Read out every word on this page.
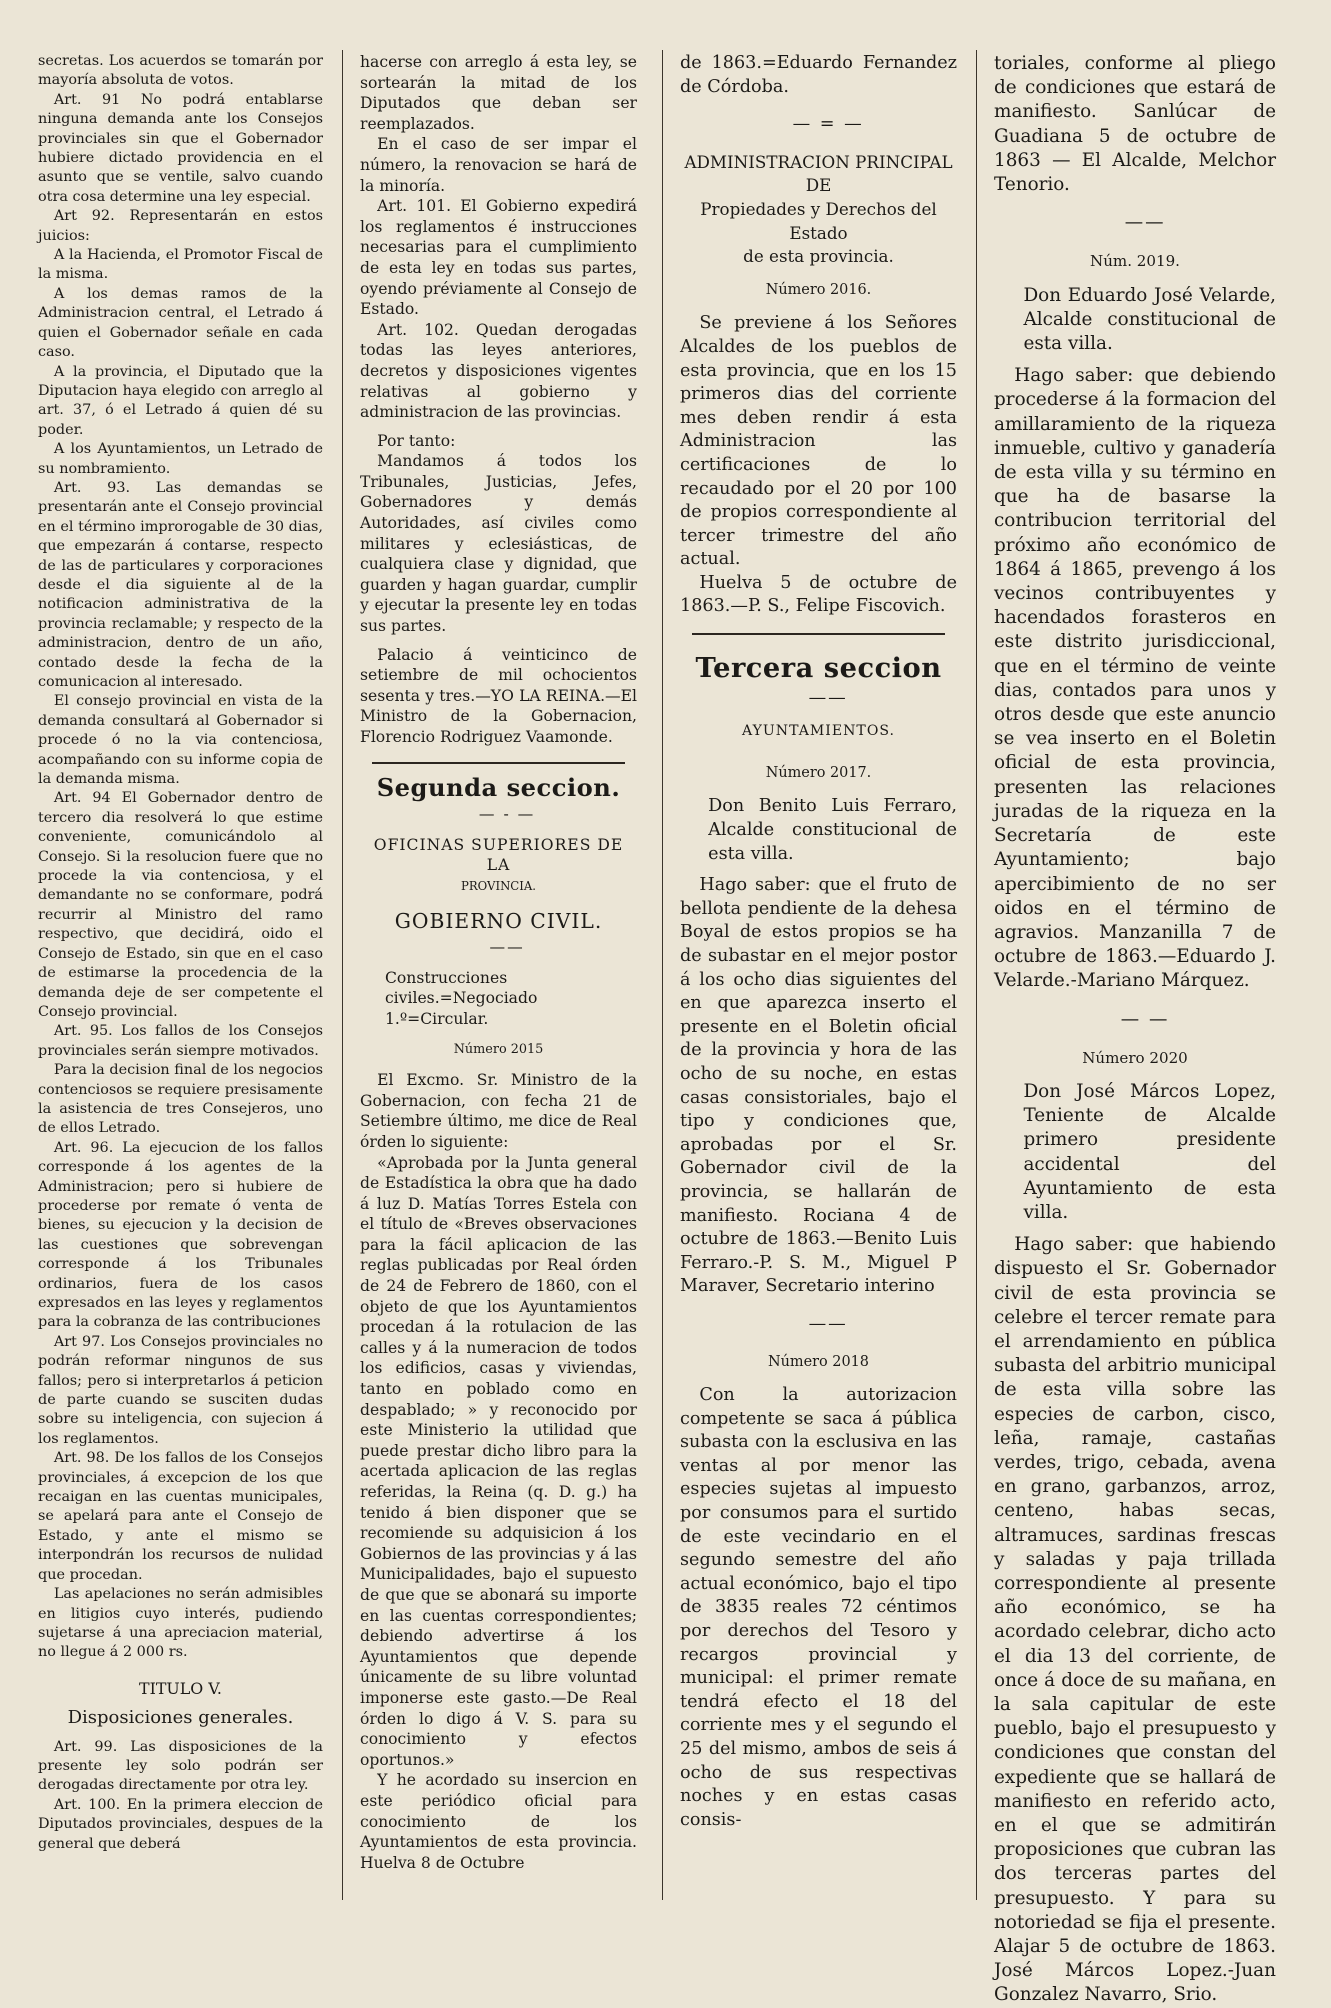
secretas. Los acuerdos se tomarán por mayoría absoluta de votos.

Art. 91 No podrá entablarse ninguna demanda ante los Consejos provinciales sin que el Gobernador hubiere dictado providencia en el asunto que se ventile, salvo cuando otra cosa determine una ley especial.

Art 92. Representarán en estos juicios:

A la Hacienda, el Promotor Fiscal de la misma.

A los demas ramos de la Administracion central, el Letrado á quien el Gobernador señale en cada caso.

A la provincia, el Diputado que la Diputacion haya elegido con arreglo al art. 37, ó el Letrado á quien dé su poder.

A los Ayuntamientos, un Letrado de su nombramiento.

Art. 93. Las demandas se presentarán ante el Consejo provincial en el término improrogable de 30 dias, que empezarán á contarse, respecto de las de particulares y corporaciones desde el dia siguiente al de la notificacion administrativa de la provincia reclamable; y respecto de la administracion, dentro de un año, contado desde la fecha de la comunicacion al interesado.

El consejo provincial en vista de la demanda consultará al Gobernador si procede ó no la via contenciosa, acompañando con su informe copia de la demanda misma.

Art. 94 El Gobernador dentro de tercero dia resolverá lo que estime conveniente, comunicándolo al Consejo. Si la resolucion fuere que no procede la via contenciosa, y el demandante no se conformare, podrá recurrir al Ministro del ramo respectivo, que decidirá, oido el Consejo de Estado, sin que en el caso de estimarse la procedencia de la demanda deje de ser competente el Consejo provincial.

Art. 95. Los fallos de los Consejos provinciales serán siempre motivados.

Para la decision final de los negocios contenciosos se requiere presisamente la asistencia de tres Consejeros, uno de ellos Letrado.

Art. 96. La ejecucion de los fallos corresponde á los agentes de la Administracion; pero si hubiere de procederse por remate ó venta de bienes, su ejecucion y la decision de las cuestiones que sobrevengan corresponde á los Tribunales ordinarios, fuera de los casos expresados en las leyes y reglamentos para la cobranza de las contribuciones

Art 97. Los Consejos provinciales no podrán reformar ningunos de sus fallos; pero si interpretarlos á peticion de parte cuando se susciten dudas sobre su inteligencia, con sujecion á los reglamentos.

Art. 98. De los fallos de los Consejos provinciales, á excepcion de los que recaigan en las cuentas municipales, se apelará para ante el Consejo de Estado, y ante el mismo se interpondrán los recursos de nulidad que procedan.

Las apelaciones no serán admisibles en litigios cuyo interés, pudiendo sujetarse á una apreciacion material, no llegue á 2 000 rs.

TITULO V.

Disposiciones generales.

Art. 99. Las disposiciones de la presente ley solo podrán ser derogadas directamente por otra ley.

Art. 100. En la primera eleccion de Diputados provinciales, despues de la general que deberá

hacerse con arreglo á esta ley, se sortearán la mitad de los Diputados que deban ser reemplazados.

En el caso de ser impar el número, la renovacion se hará de la minoría.

Art. 101. El Gobierno expedirá los reglamentos é instrucciones necesarias para el cumplimiento de esta ley en todas sus partes, oyendo préviamente al Consejo de Estado.

Art. 102. Quedan derogadas todas las leyes anteriores, decretos y disposiciones vigentes relativas al gobierno y administracion de las provincias.

Por tanto:

Mandamos á todos los Tribunales, Justicias, Jefes, Gobernadores y demás Autoridades, así civiles como militares y eclesiásticas, de cualquiera clase y dignidad, que guarden y hagan guardar, cumplir y ejecutar la presente ley en todas sus partes.

Palacio á veinticinco de setiembre de mil ochocientos sesenta y tres.—YO LA REINA.—El Ministro de la Gobernacion, Florencio Rodriguez Vaamonde.

Segunda seccion.

— - —

OFICINAS SUPERIORES DE LA

PROVINCIA.

GOBIERNO CIVIL.

——

Construcciones civiles.=Negociado 1.º=Circular.

Número 2015

El Excmo. Sr. Ministro de la Gobernacion, con fecha 21 de Setiembre último, me dice de Real órden lo siguiente:

«Aprobada por la Junta general de Estadística la obra que ha dado á luz D. Matías Torres Estela con el título de «Breves observaciones para la fácil aplicacion de las reglas publicadas por Real órden de 24 de Febrero de 1860, con el objeto de que los Ayuntamientos procedan á la rotulacion de las calles y á la numeracion de todos los edificios, casas y viviendas, tanto en poblado como en despablado; » y reconocido por este Ministerio la utilidad que puede prestar dicho libro para la acertada aplicacion de las reglas referidas, la Reina (q. D. g.) ha tenido á bien disponer que se recomiende su adquisicion á los Gobiernos de las provincias y á las Municipalidades, bajo el supuesto de que que se abonará su importe en las cuentas correspondientes; debiendo advertirse á los Ayuntamientos que depende únicamente de su libre voluntad imponerse este gasto.—De Real órden lo digo á V. S. para su conocimiento y efectos oportunos.»

Y he acordado su insercion en este periódico oficial para conocimiento de los Ayuntamientos de esta provincia. Huelva 8 de Octubre

de 1863.=Eduardo Fernandez de Córdoba.

— = —

ADMINISTRACION PRINCIPAL DE

Propiedades y Derechos del Estado

de esta provincia.

Número 2016.

Se previene á los Señores Alcaldes de los pueblos de esta provincia, que en los 15 primeros dias del corriente mes deben rendir á esta Administracion las certificaciones de lo recaudado por el 20 por 100 de propios correspondiente al tercer trimestre del año actual.

Huelva 5 de octubre de 1863.—P. S., Felipe Fiscovich.

Tercera seccion

——

AYUNTAMIENTOS.

Número 2017.

Don Benito Luis Ferraro, Alcalde constitucional de esta villa.

Hago saber: que el fruto de bellota pendiente de la dehesa Boyal de estos propios se ha de subastar en el mejor postor á los ocho dias siguientes del en que aparezca inserto el presente en el Boletin oficial de la provincia y hora de las ocho de su noche, en estas casas consistoriales, bajo el tipo y condiciones que, aprobadas por el Sr. Gobernador civil de la provincia, se hallarán de manifiesto. Rociana 4 de octubre de 1863.—Benito Luis Ferraro.-P. S. M., Miguel P Maraver, Secretario interino

——

Número 2018

Con la autorizacion competente se saca á pública subasta con la esclusiva en las ventas al por menor las especies sujetas al impuesto por consumos para el surtido de este vecindario en el segundo semestre del año actual económico, bajo el tipo de 3835 reales 72 céntimos por derechos del Tesoro y recargos provincial y municipal: el primer remate tendrá efecto el 18 del corriente mes y el segundo el 25 del mismo, ambos de seis á ocho de sus respectivas noches y en estas casas consis-

toriales, conforme al pliego de condiciones que estará de manifiesto. Sanlúcar de Guadiana 5 de octubre de 1863 — El Alcalde, Melchor Tenorio.

——

Núm. 2019.

Don Eduardo José Velarde, Alcalde constitucional de esta villa.

Hago saber: que debiendo procederse á la formacion del amillaramiento de la riqueza inmueble, cultivo y ganadería de esta villa y su término en que ha de basarse la contribucion territorial del próximo año económico de 1864 á 1865, prevengo á los vecinos contribuyentes y hacendados forasteros en este distrito jurisdiccional, que en el término de veinte dias, contados para unos y otros desde que este anuncio se vea inserto en el Boletin oficial de esta provincia, presenten las relaciones juradas de la riqueza en la Secretaría de este Ayuntamiento; bajo apercibimiento de no ser oidos en el término de agravios. Manzanilla 7 de octubre de 1863.—Eduardo J. Velarde.-Mariano Márquez.

— —

Número 2020

Don José Márcos Lopez, Teniente de Alcalde primero presidente accidental del Ayuntamiento de esta villa.

Hago saber: que habiendo dispuesto el Sr. Gobernador civil de esta provincia se celebre el tercer remate para el arrendamiento en pública subasta del arbitrio municipal de esta villa sobre las especies de carbon, cisco, leña, ramaje, castañas verdes, trigo, cebada, avena en grano, garbanzos, arroz, centeno, habas secas, altramuces, sardinas frescas y saladas y paja trillada correspondiente al presente año económico, se ha acordado celebrar, dicho acto el dia 13 del corriente, de once á doce de su mañana, en la sala capitular de este pueblo, bajo el presupuesto y condiciones que constan del expediente que se hallará de manifiesto en referido acto, en el que se admitirán proposiciones que cubran las dos terceras partes del presupuesto. Y para su notoriedad se fija el presente. Alajar 5 de octubre de 1863. José Márcos Lopez.-Juan Gonzalez Navarro, Srio.
